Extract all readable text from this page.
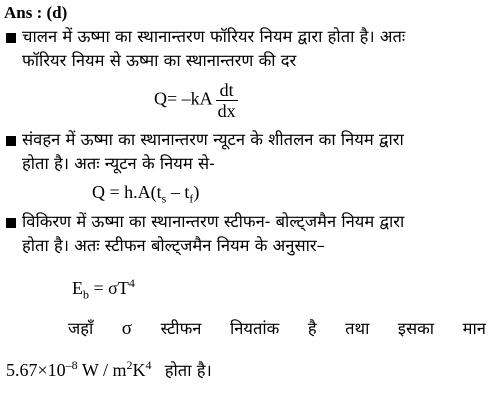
Ans : (d)
चालन में ऊष्मा का स्थानान्तरण फॉरियर नियम द्वारा होता है। अतः
फॉरियर नियम से ऊष्मा का स्थानान्तरण की दर
$Q= -kA \frac{dt}{dx}$
संवहन में ऊष्मा का स्थानान्तरण न्यूटन के शीतलन का नियम द्वारा
होता है। अतः न्यूटन के नियम से-
$Q = h.A(t_s - t_f)$
विकिरण में ऊष्मा का स्थानान्तरण स्टीफन- बोल्ट्जमैन नियम द्वारा
होता है। अतः स्टीफन बोल्ट्जमैन नियम के अनुसार–
$E_b = \sigma T^4$
जहाँ σ स्टीफन नियतांक है तथा इसका मान
$5.67\times 10^{-8}$ W / $m^2K^4$ होता है।
